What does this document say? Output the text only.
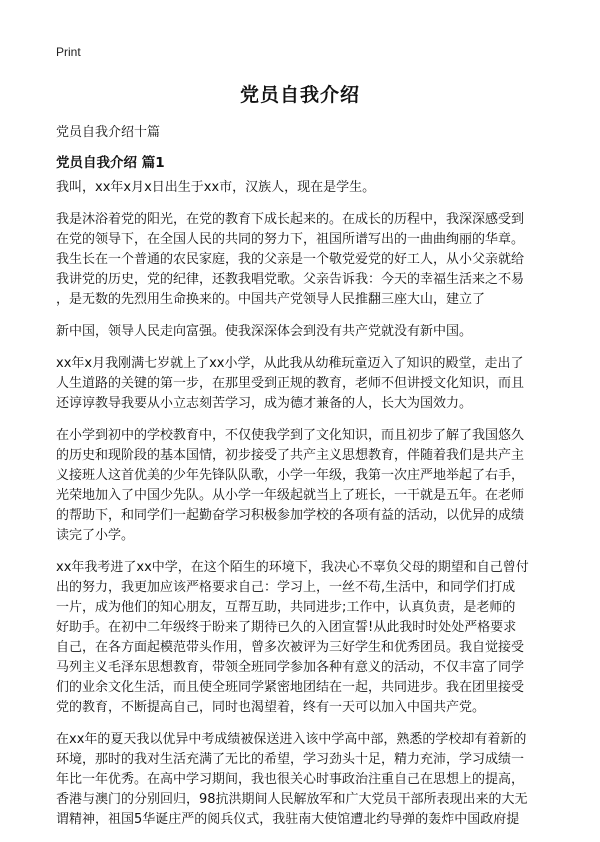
Print
党员自我介绍
党员自我介绍十篇
党员自我介绍 篇1

我叫，xx年x月x日出生于xx市，汉族人，现在是学生。

我是沐浴着党的阳光，在党的教育下成长起来的。在成长的历程中，我深深感受到
在党的领导下，在全国人民的共同的努力下，祖国所谱写出的一曲曲绚丽的华章。
我生长在一个普通的农民家庭，我的父亲是一个敬党爱党的好工人，从小父亲就给
我讲党的历史，党的纪律，还教我唱党歌。父亲告诉我：今天的幸福生活来之不易
，是无数的先烈用生命换来的。中国共产党领导人民推翻三座大山，建立了

新中国，领导人民走向富强。使我深深体会到没有共产党就没有新中国。

xx年x月我刚满七岁就上了xx小学，从此我从幼稚玩童迈入了知识的殿堂，走出了
人生道路的关键的第一步，在那里受到正规的教育，老师不但讲授文化知识，而且
还谆谆教导我要从小立志刻苦学习，成为德才兼备的人，长大为国效力。

在小学到初中的学校教育中，不仅使我学到了文化知识，而且初步了解了我国悠久
的历史和现阶段的基本国情，初步接受了共产主义思想教育，伴随着我们是共产主
义接班人这首优美的少年先锋队队歌，小学一年级，我第一次庄严地举起了右手，
光荣地加入了中国少先队。从小学一年级起就当上了班长，一干就是五年。在老师
的帮助下，和同学们一起勤奋学习积极参加学校的各项有益的活动，以优异的成绩
读完了小学。

xx年我考进了xx中学，在这个陌生的环境下，我决心不辜负父母的期望和自己曾付
出的努力，我更加应该严格要求自己：学习上，一丝不苟,生活中，和同学们打成
一片，成为他们的知心朋友，互帮互助，共同进步;工作中，认真负责，是老师的
好助手。在初中二年级终于盼来了期待已久的入团宣誓!从此我时时处处严格要求
自己，在各方面起模范带头作用，曾多次被评为三好学生和优秀团员。我自觉接受
马列主义毛泽东思想教育，带领全班同学参加各种有意义的活动，不仅丰富了同学
们的业余文化生活，而且使全班同学紧密地团结在一起，共同进步。我在团里接受
党的教育，不断提高自己，同时也渴望着，终有一天可以加入中国共产党。

在xx年的夏天我以优异中考成绩被保送进入该中学高中部，熟悉的学校却有着新的
环境，那时的我对生活充满了无比的希望，学习劲头十足，精力充沛，学习成绩一
年比一年优秀。在高中学习期间，我也很关心时事政治注重自己在思想上的提高，
香港与澳门的分别回归，98抗洪期间人民解放军和广大党员干部所表现出来的大无
谓精神，祖国5华诞庄严的阅兵仪式，我驻南大使馆遭北约导弹的轰炸中国政府提
